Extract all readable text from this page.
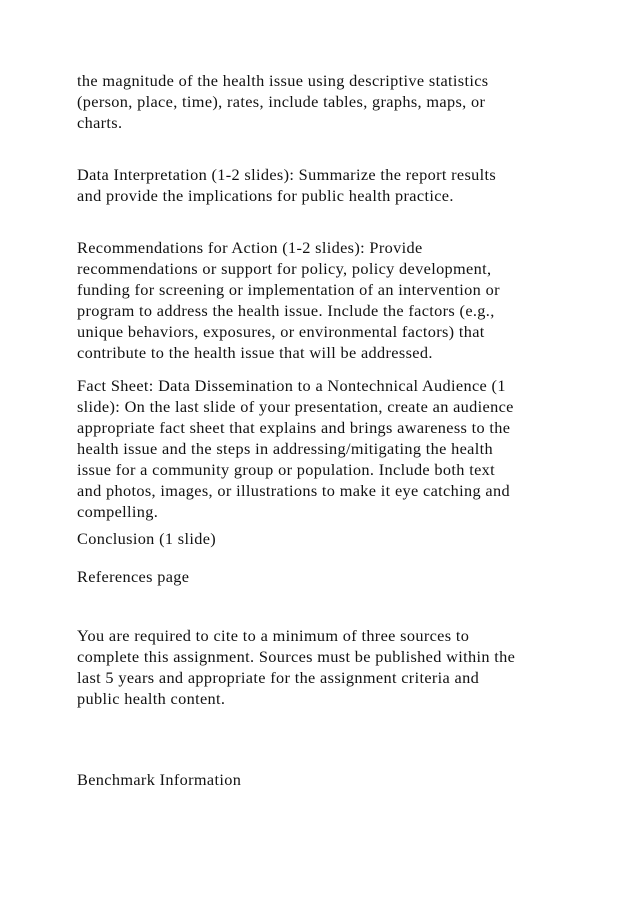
the magnitude of the health issue using descriptive statistics
(person, place, time), rates, include tables, graphs, maps, or
charts.

Data Interpretation (1-2 slides): Summarize the report results
and provide the implications for public health practice.

Recommendations for Action (1-2 slides): Provide
recommendations or support for policy, policy development,
funding for screening or implementation of an intervention or
program to address the health issue. Include the factors (e.g.,
unique behaviors, exposures, or environmental factors) that
contribute to the health issue that will be addressed.

Fact Sheet: Data Dissemination to a Nontechnical Audience (1
slide): On the last slide of your presentation, create an audience
appropriate fact sheet that explains and brings awareness to the
health issue and the steps in addressing/mitigating the health
issue for a community group or population. Include both text
and photos, images, or illustrations to make it eye catching and
compelling.

Conclusion (1 slide)

References page

You are required to cite to a minimum of three sources to
complete this assignment. Sources must be published within the
last 5 years and appropriate for the assignment criteria and
public health content.

Benchmark Information
